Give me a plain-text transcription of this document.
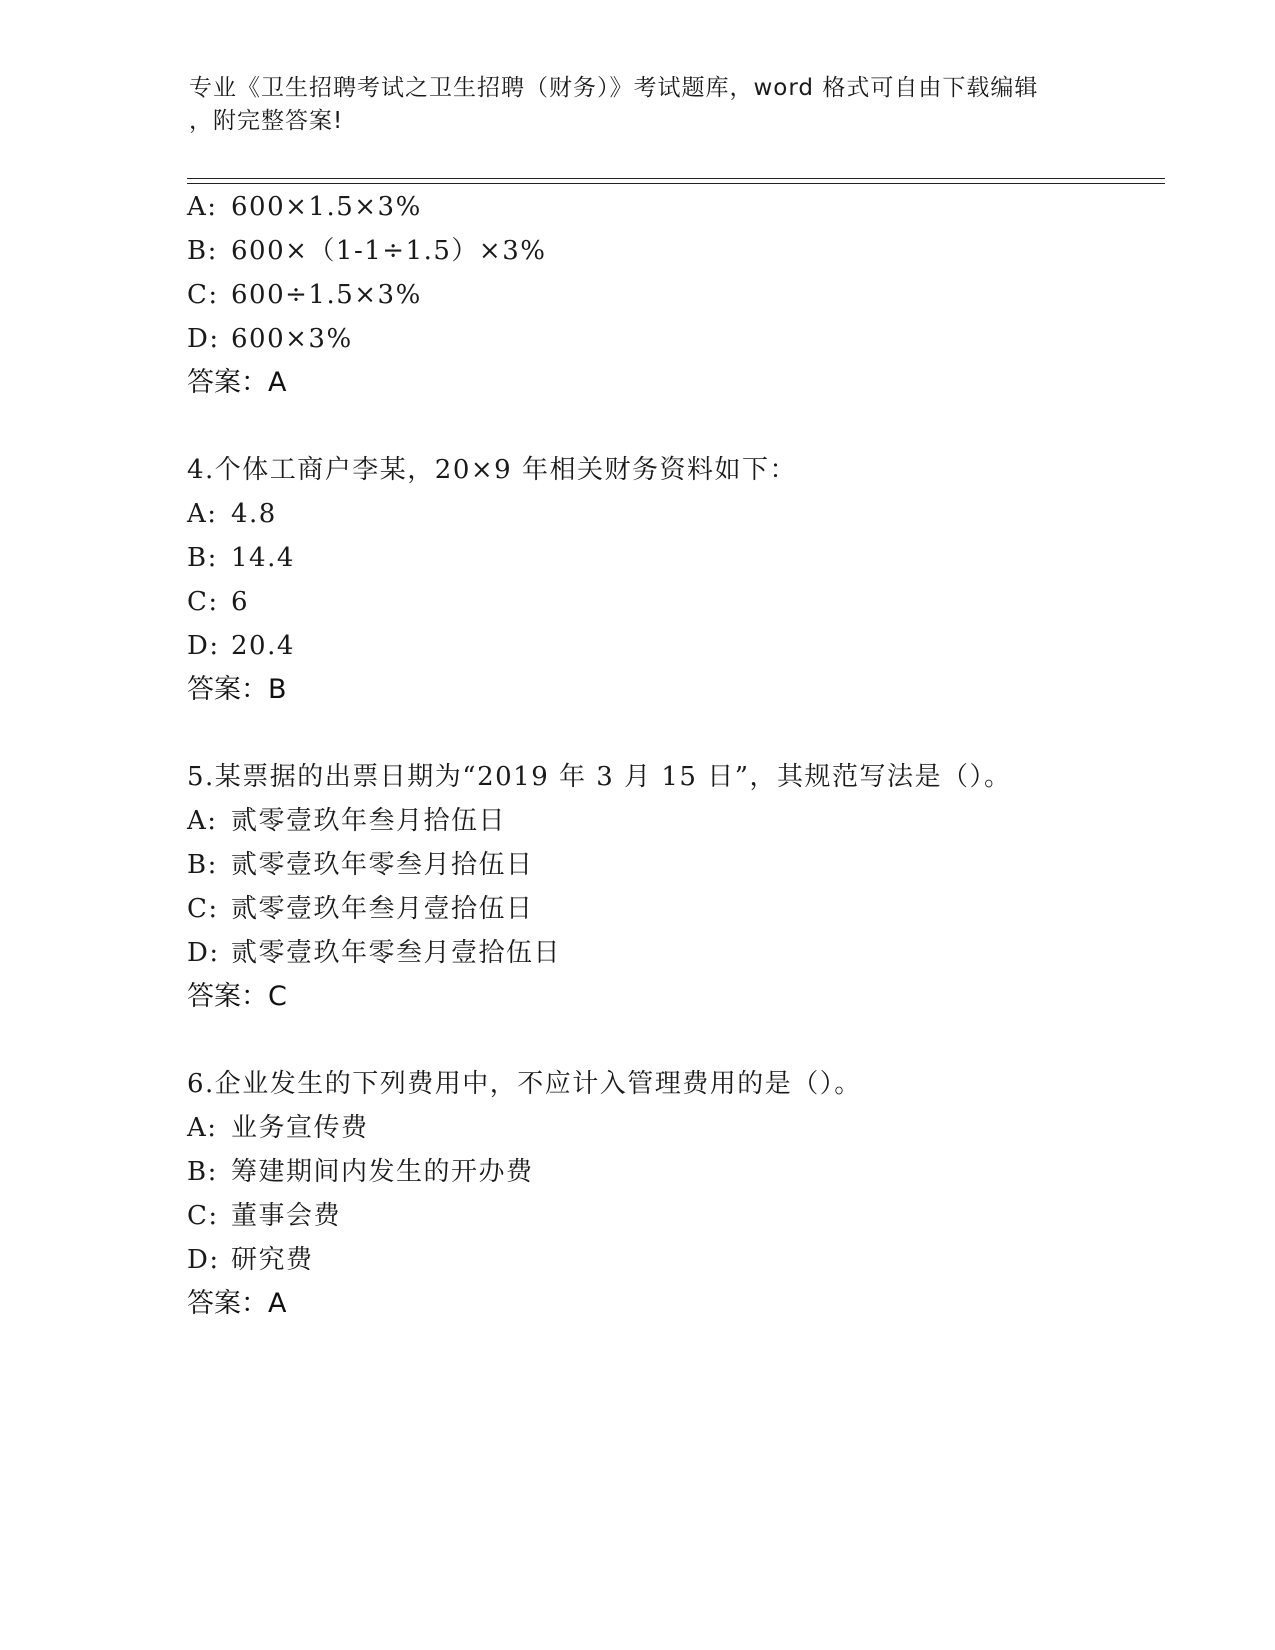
专业《卫生招聘考试之卫生招聘（财务）》考试题库，word 格式可自由下载编辑
，附完整答案!
A: 600×1.5×3%
B: 600×（1-1÷1.5）×3%
C: 600÷1.5×3%
D: 600×3%
答案：A
4.个体工商户李某，20×9 年相关财务资料如下：
A: 4.8
B: 14.4
C: 6
D: 20.4
答案：B
5.某票据的出票日期为“2019 年 3 月 15 日”，其规范写法是（）。
A: 贰零壹玖年叁月拾伍日
B: 贰零壹玖年零叁月拾伍日
C: 贰零壹玖年叁月壹拾伍日
D: 贰零壹玖年零叁月壹拾伍日
答案：C
6.企业发生的下列费用中，不应计入管理费用的是（）。
A: 业务宣传费
B: 筹建期间内发生的开办费
C: 董事会费
D: 研究费
答案：A
